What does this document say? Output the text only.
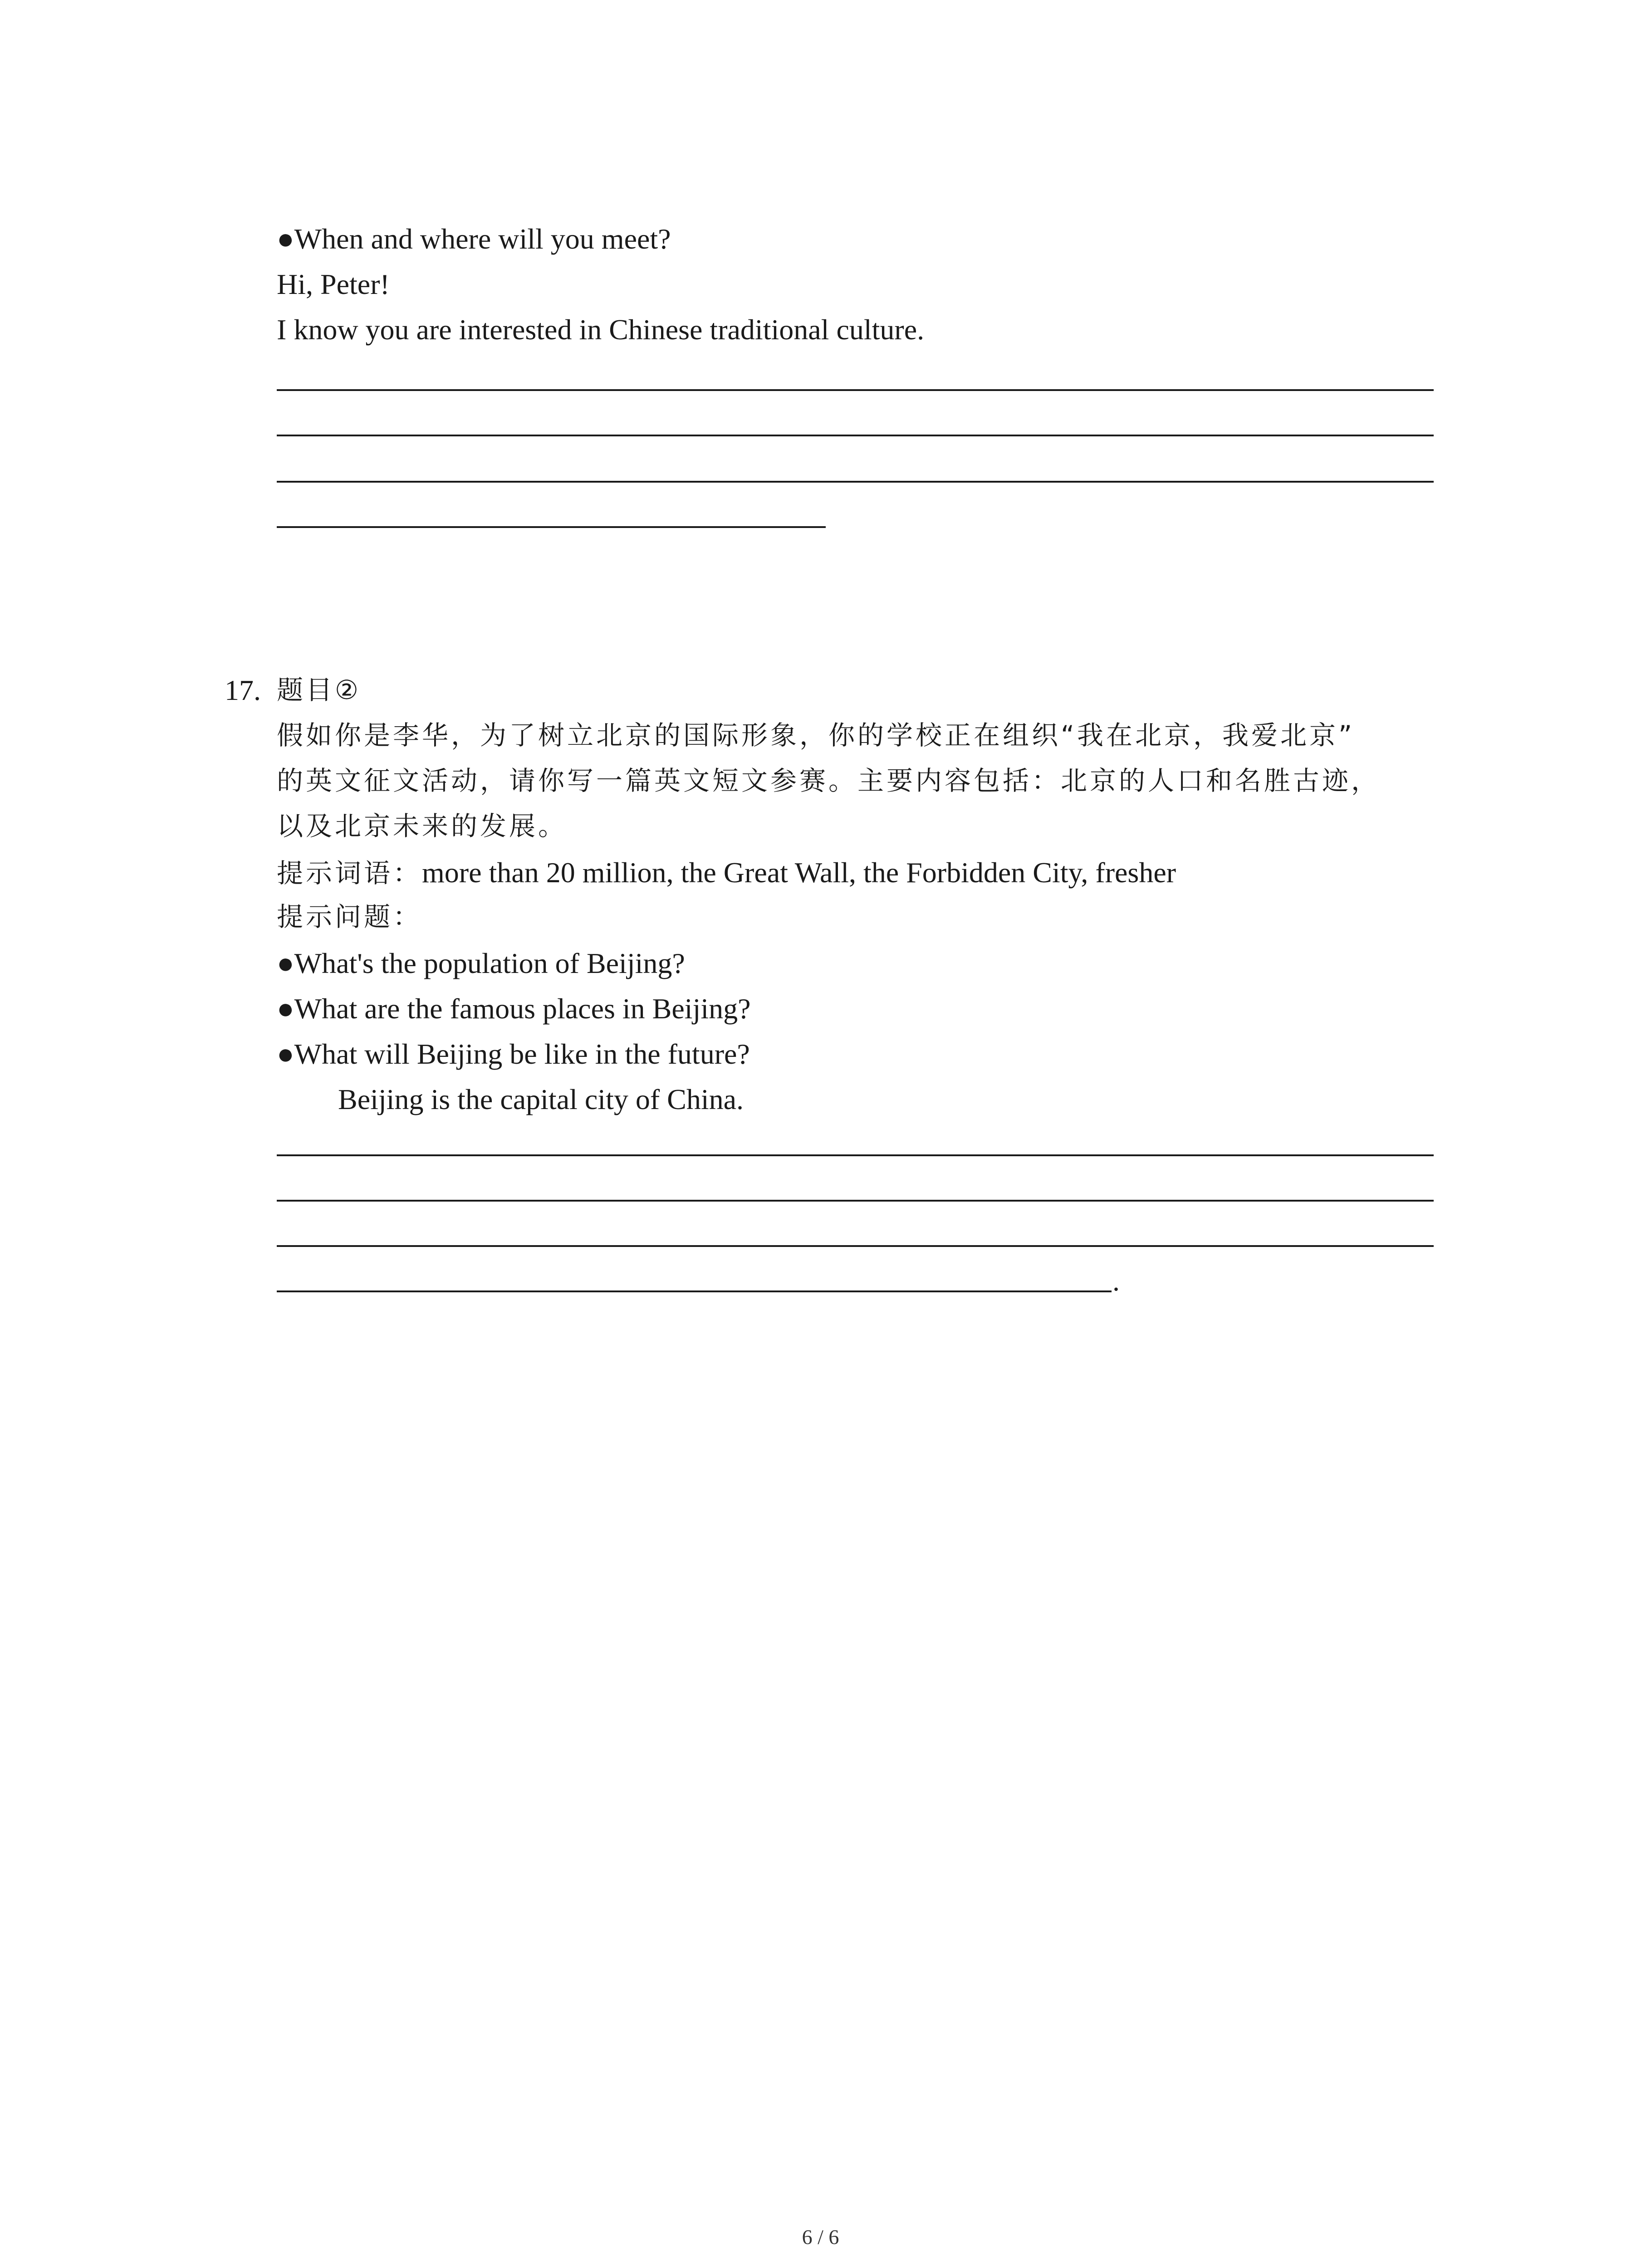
●When and where will you meet?
Hi, Peter!
I know you are interested in Chinese traditional culture.
17. 题目②
假如你是李华，为了树立北京的国际形象，你的学校正在组织“我在北京，我爱北京”
的英文征文活动，请你写一篇英文短文参赛。主要内容包括：北京的人口和名胜古迹，
以及北京未来的发展。
提示词语：more than 20 million, the Great Wall, the Forbidden City, fresher
提示问题：
●What's the population of Beijing?
●What are the famous places in Beijing?
●What will Beijing be like in the future?
Beijing is the capital city of China.
.
6 / 6
